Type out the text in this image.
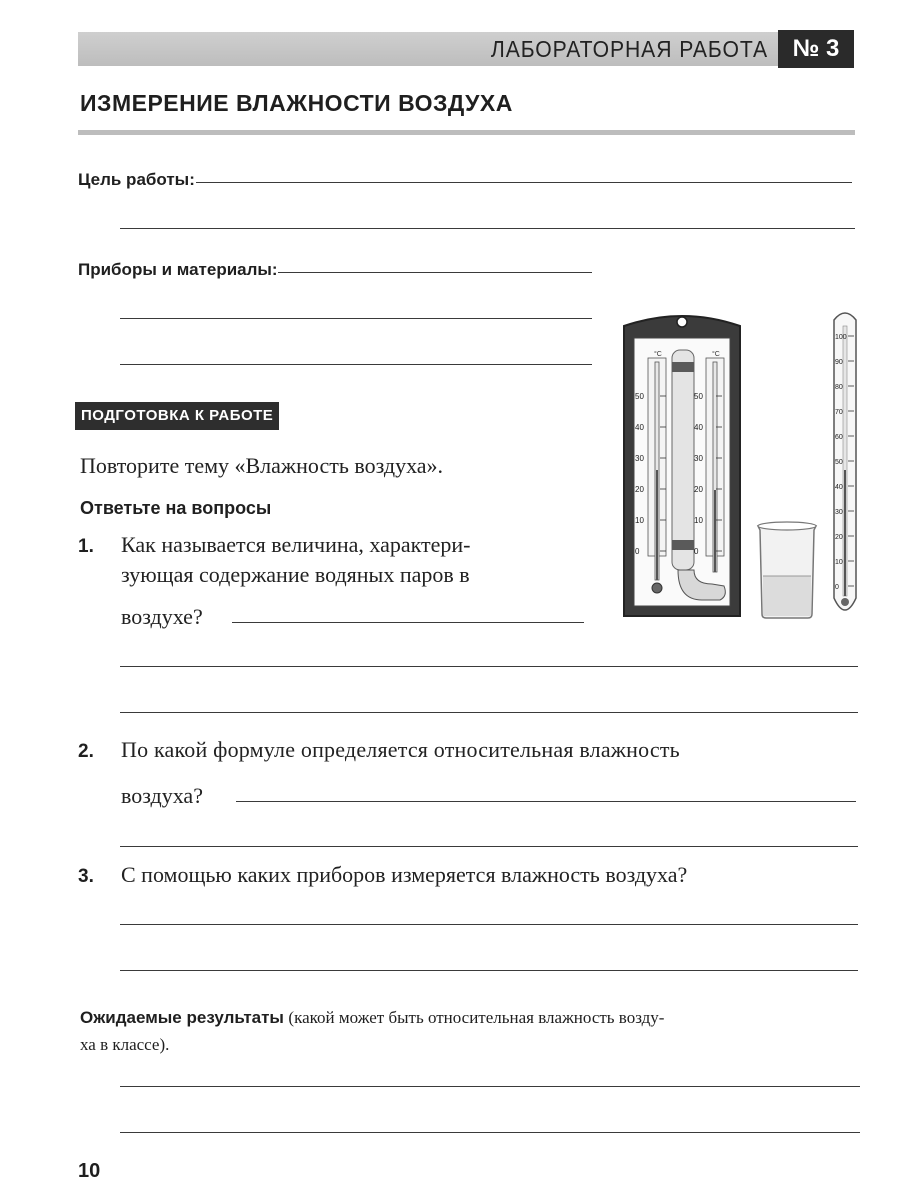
ЛАБОРАТОРНАЯ РАБОТА	№ 3
ИЗМЕРЕНИЕ ВЛАЖНОСТИ ВОЗДУХА
Цель работы:
Приборы и материалы:
ПОДГОТОВКА К РАБОТЕ
Повторите тему «Влажность воздуха».
Ответьте на вопросы
1. Как называется величина, характери-
зующая содержание водяных паров в
воздухе?
2. По какой формуле определяется относительная влажность
воздуха?
3. С помощью каких приборов измеряется влажность воздуха?
Ожидаемые результаты (какой может быть относительная влажность возду-
ха в классе).
10
50
40
30
20
10
0
50
40
30
20
10
0
°C	°C
100
90
80
70
60
50
40
30
20
10
0
